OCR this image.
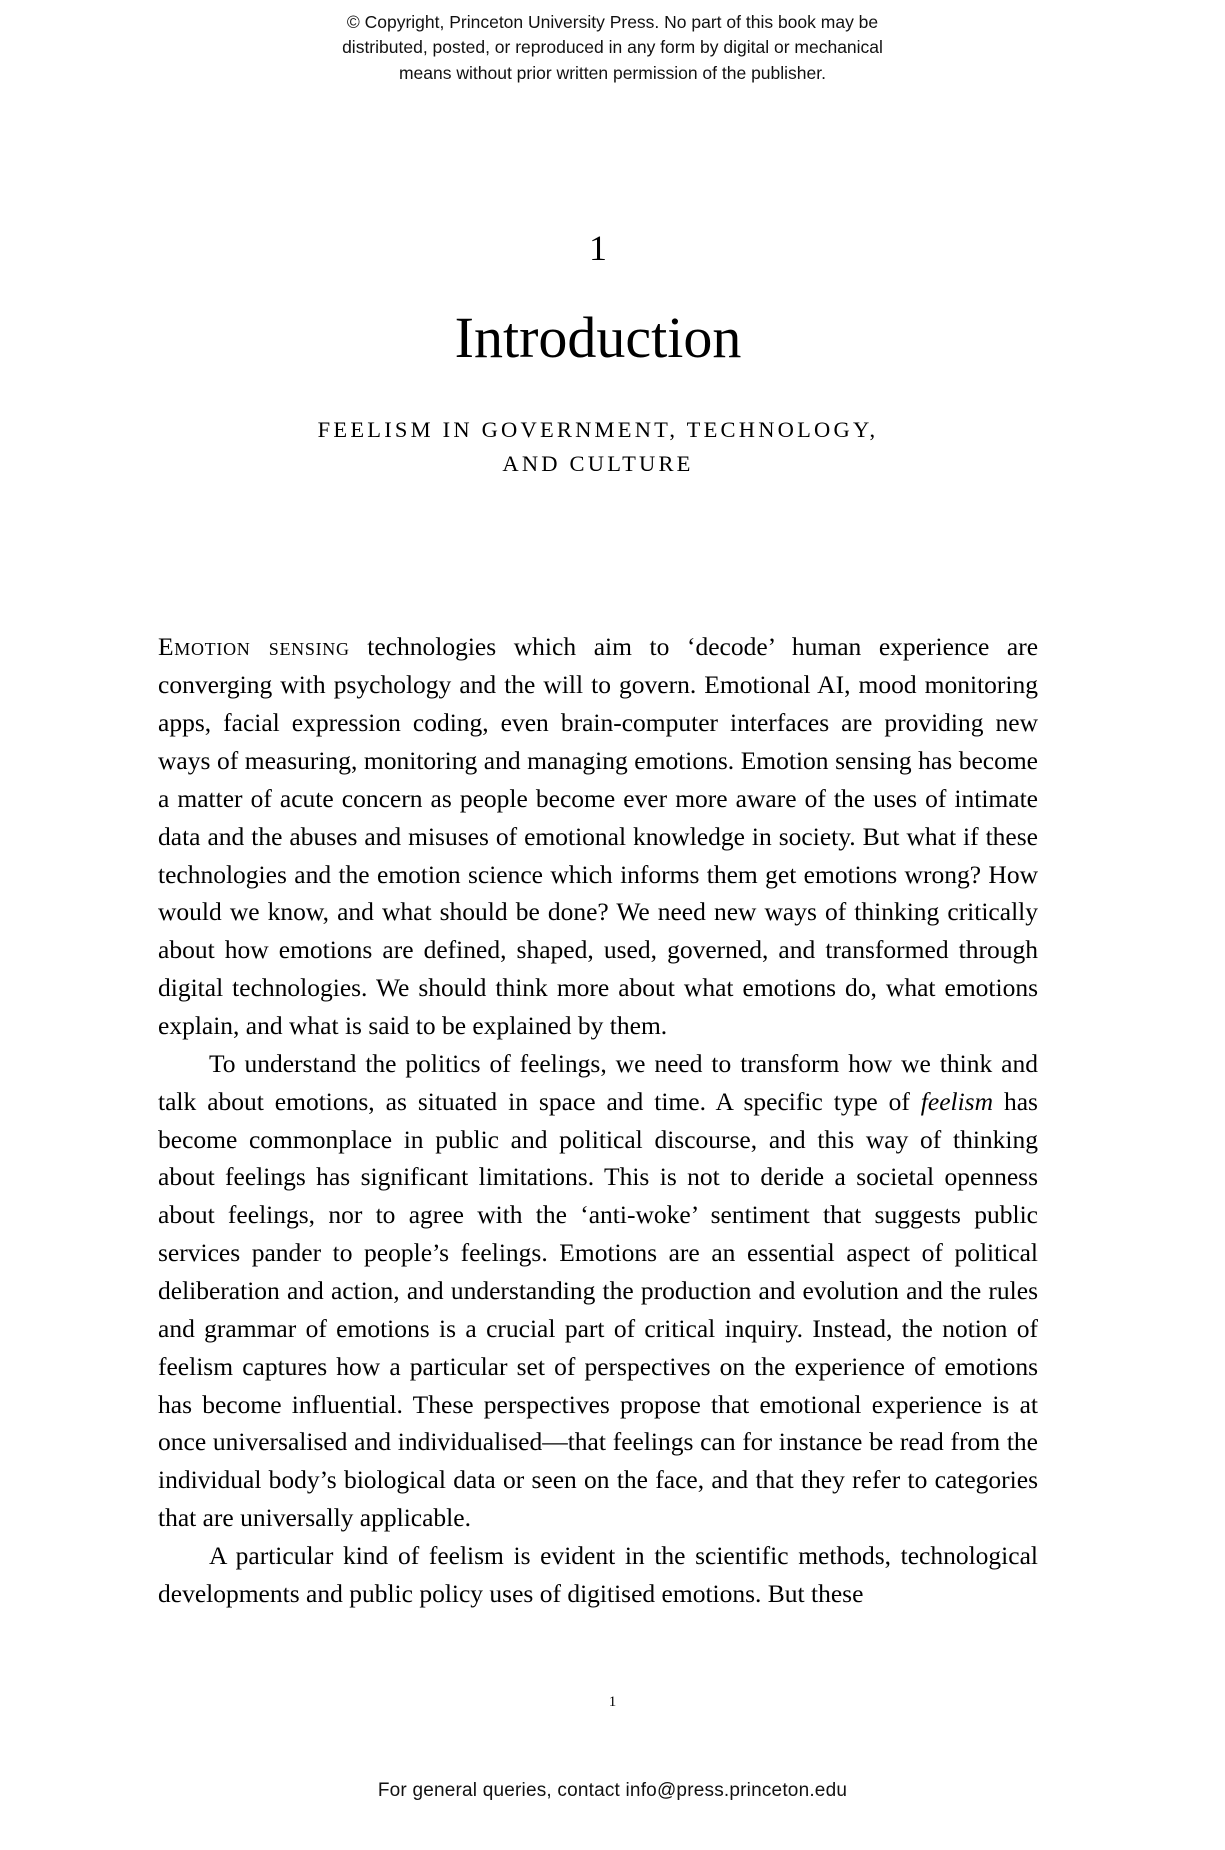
© Copyright, Princeton University Press. No part of this book may be
distributed, posted, or reproduced in any form by digital or mechanical
means without prior written permission of the publisher.
1
Introduction
FEELISM IN GOVERNMENT, TECHNOLOGY,
AND CULTURE

Emotion sensing technologies which aim to ‘decode’ human experience are converging with psychology and the will to govern. Emotional AI, mood monitoring apps, facial expression coding, even brain-computer interfaces are providing new ways of measuring, monitoring and managing emotions. Emotion sensing has become a matter of acute concern as people become ever more aware of the uses of intimate data and the abuses and misuses of emotional knowledge in society. But what if these technologies and the emotion science which informs them get emotions wrong? How would we know, and what should be done? We need new ways of thinking critically about how emotions are defined, shaped, used, governed, and transformed through digital technologies. We should think more about what emotions do, what emotions explain, and what is said to be explained by them.

To understand the politics of feelings, we need to transform how we think and talk about emotions, as situated in space and time. A specific type of feelism has become commonplace in public and political discourse, and this way of thinking about feelings has significant limitations. This is not to deride a societal openness about feelings, nor to agree with the ‘anti-woke’ sentiment that suggests public services pander to people’s feelings. Emotions are an essential aspect of political deliberation and action, and understanding the production and evolution and the rules and grammar of emotions is a crucial part of critical inquiry. Instead, the notion of feelism captures how a particular set of perspectives on the experience of emotions has become influential. These perspectives propose that emotional experience is at once universalised and individualised—that feelings can for instance be read from the individual body’s biological data or seen on the face, and that they refer to categories that are universally applicable.

A particular kind of feelism is evident in the scientific methods, technological developments and public policy uses of digitised emotions. But these

1
For general queries, contact info@press.princeton.edu
